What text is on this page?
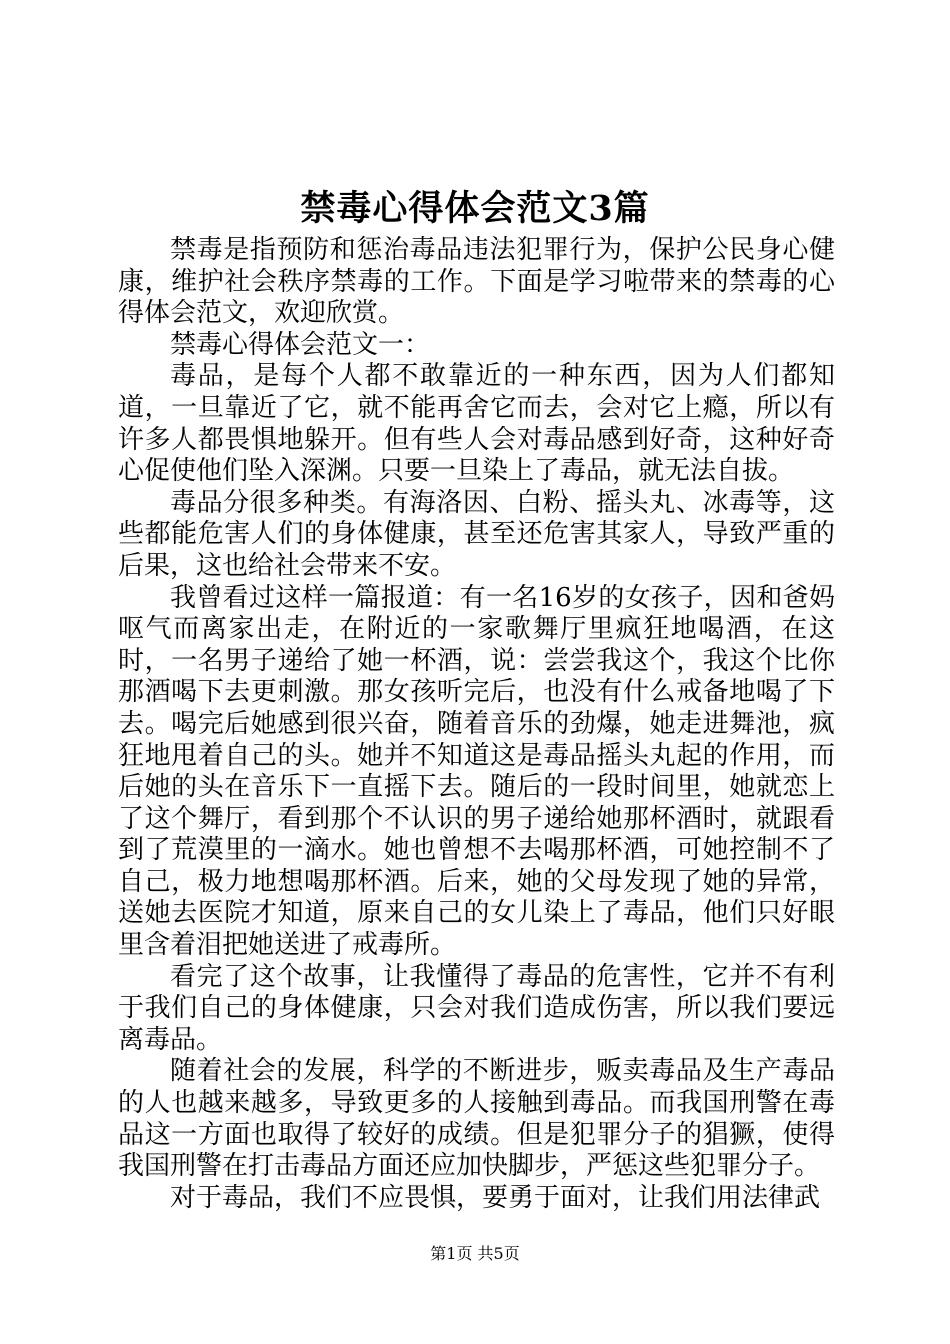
禁毒心得体会范文3篇

禁毒是指预防和惩治毒品违法犯罪行为，保护公民身心健康，维护社会秩序禁毒的工作。下面是学习啦带来的禁毒的心得体会范文，欢迎欣赏。

禁毒心得体会范文一：

毒品，是每个人都不敢靠近的一种东西，因为人们都知道，一旦靠近了它，就不能再舍它而去，会对它上瘾，所以有许多人都畏惧地躲开。但有些人会对毒品感到好奇，这种好奇心促使他们坠入深渊。只要一旦染上了毒品，就无法自拔。

毒品分很多种类。有海洛因、白粉、摇头丸、冰毒等，这些都能危害人们的身体健康，甚至还危害其家人，导致严重的后果，这也给社会带来不安。

我曾看过这样一篇报道：有一名16岁的女孩子，因和爸妈呕气而离家出走，在附近的一家歌舞厅里疯狂地喝酒，在这时，一名男子递给了她一杯酒，说：尝尝我这个，我这个比你那酒喝下去更刺激。那女孩听完后，也没有什么戒备地喝了下去。喝完后她感到很兴奋，随着音乐的劲爆，她走进舞池，疯狂地甩着自己的头。她并不知道这是毒品摇头丸起的作用，而后她的头在音乐下一直摇下去。随后的一段时间里，她就恋上了这个舞厅，看到那个不认识的男子递给她那杯酒时，就跟看到了荒漠里的一滴水。她也曾想不去喝那杯酒，可她控制不了自己，极力地想喝那杯酒。后来，她的父母发现了她的异常，送她去医院才知道，原来自己的女儿染上了毒品，他们只好眼里含着泪把她送进了戒毒所。

看完了这个故事，让我懂得了毒品的危害性，它并不有利于我们自己的身体健康，只会对我们造成伤害，所以我们要远离毒品。

随着社会的发展，科学的不断进步，贩卖毒品及生产毒品的人也越来越多，导致更多的人接触到毒品。而我国刑警在毒品这一方面也取得了较好的成绩。但是犯罪分子的猖獗，使得我国刑警在打击毒品方面还应加快脚步，严惩这些犯罪分子。

对于毒品，我们不应畏惧，要勇于面对，让我们用法律武

第1页 共5页
